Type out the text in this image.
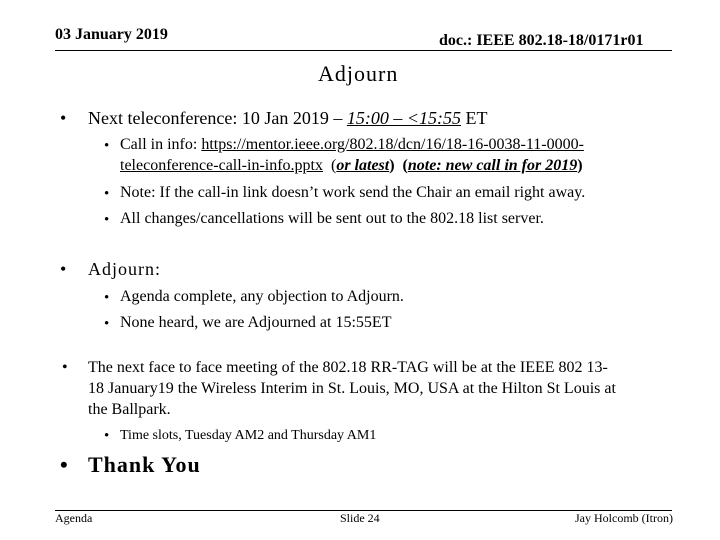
03 January 2019	doc.: IEEE 802.18-18/0171r01
Adjourn
• Next teleconference: 10 Jan 2019 – 15:00 – <15:55 ET
• Call in info: https://mentor.ieee.org/802.18/dcn/16/18-16-0038-11-0000-
teleconference-call-in-info.pptx  (or latest)  (note: new call in for 2019)
• Note: If the call-in link doesn’t work send the Chair an email right away.
• All changes/cancellations will be sent out to the 802.18 list server.
• Adjourn:
• Agenda complete, any objection to Adjourn.
• None heard, we are Adjourned at 15:55ET
• The next face to face meeting of the 802.18 RR-TAG will be at the IEEE 802 13-
18 January19 the Wireless Interim in St. Louis, MO, USA at the Hilton St Louis at
the Ballpark.
• Time slots, Tuesday AM2 and Thursday AM1
• Thank You
Agenda	Slide 24	Jay Holcomb (Itron)
